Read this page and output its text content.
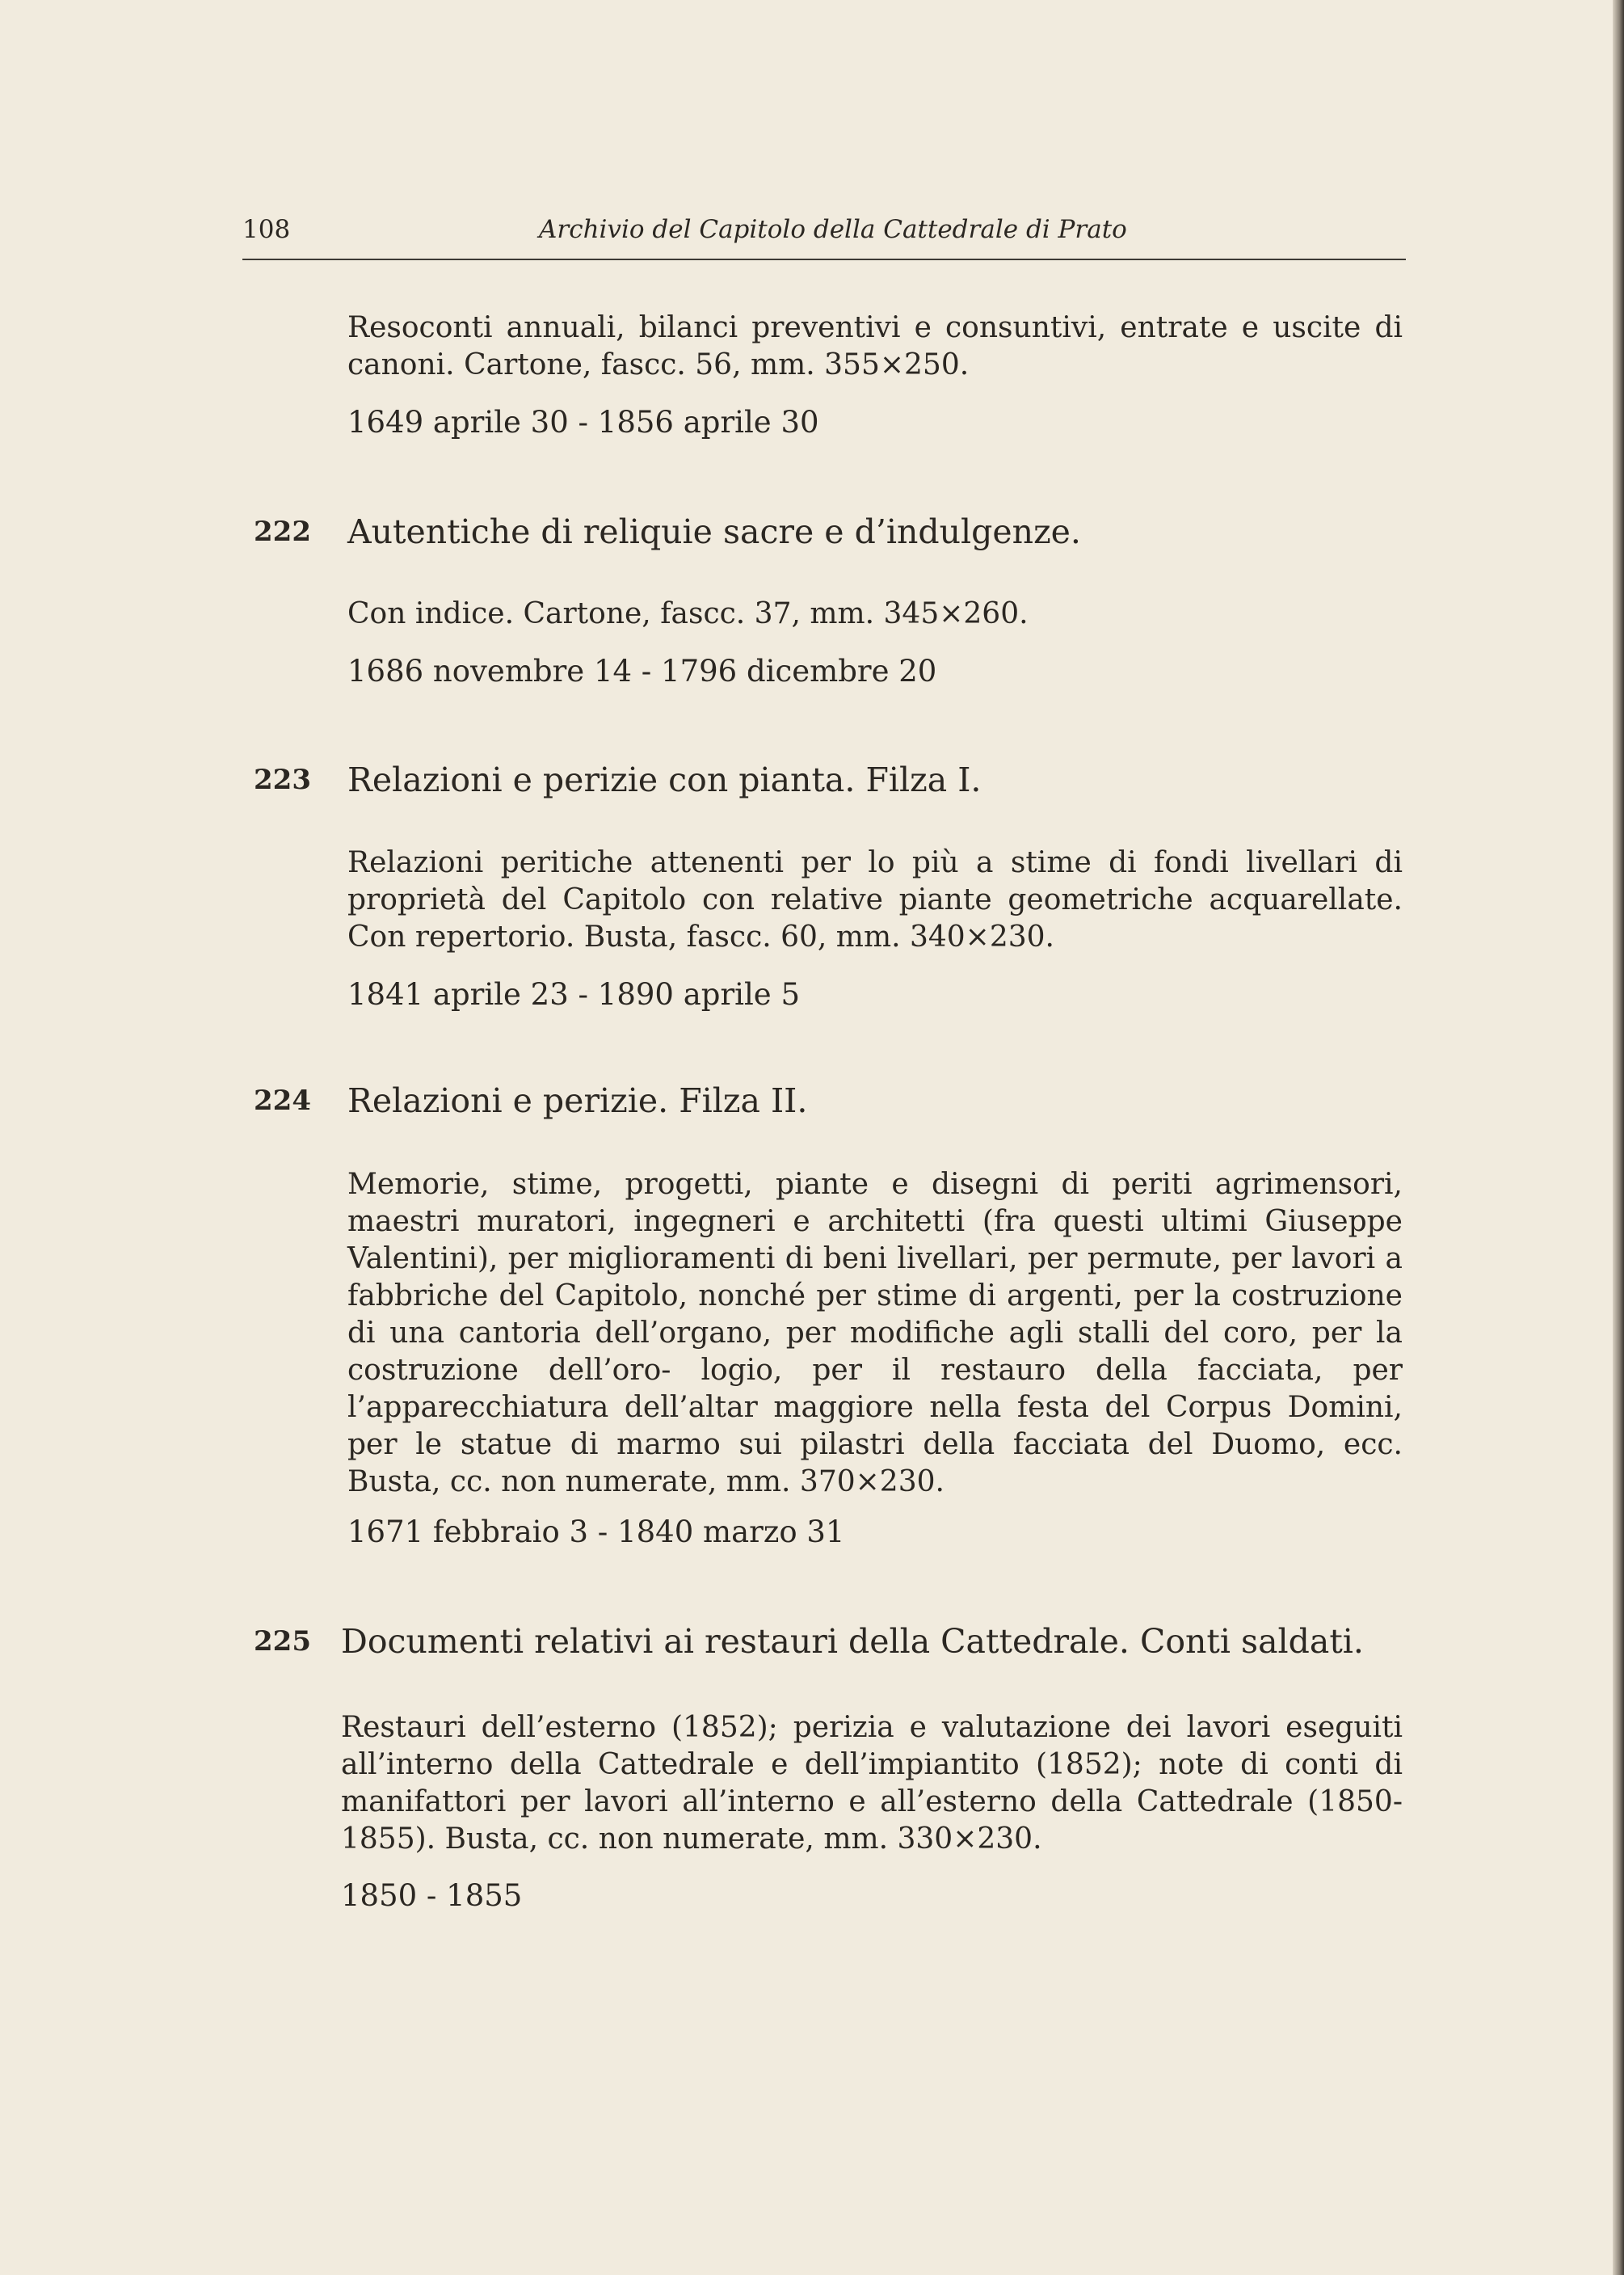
108	Archivio del Capitolo della Cattedrale di Prato
Resoconti annuali, bilanci preventivi e consuntivi, entrate e uscite di canoni. Cartone, fascc. 56, mm. 355×250.
1649 aprile 30 - 1856 aprile 30
222 Autentiche di reliquie sacre e d’indulgenze.
Con indice. Cartone, fascc. 37, mm. 345×260.
1686 novembre 14 - 1796 dicembre 20
223 Relazioni e perizie con pianta. Filza I.
Relazioni peritiche attenenti per lo più a stime di fondi livellari di proprietà del Capitolo con relative piante geometriche acquarellate. Con repertorio. Busta, fascc. 60, mm. 340×230.
1841 aprile 23 - 1890 aprile 5
224 Relazioni e perizie. Filza II.
Memorie, stime, progetti, piante e disegni di periti agrimensori, maestri muratori, ingegneri e architetti (fra questi ultimi Giuseppe Valentini), per miglioramenti di beni livellari, per permute, per lavori a fabbriche del Capitolo, nonché per stime di argenti, per la costruzione di una cantoria dell’organo, per modifiche agli stalli del coro, per la costruzione dell’oro- logio, per il restauro della facciata, per l’apparecchiatura dell’altar maggiore nella festa del Corpus Domini, per le statue di marmo sui pilastri della facciata del Duomo, ecc. Busta, cc. non numerate, mm. 370×230.
1671 febbraio 3 - 1840 marzo 31
225 Documenti relativi ai restauri della Cattedrale. Conti saldati.
Restauri dell’esterno (1852); perizia e valutazione dei lavori eseguiti all’interno della Cattedrale e dell’impiantito (1852); note di conti di manifattori per lavori all’interno e all’esterno della Cattedrale (1850- 1855). Busta, cc. non numerate, mm. 330×230.
1850 - 1855
